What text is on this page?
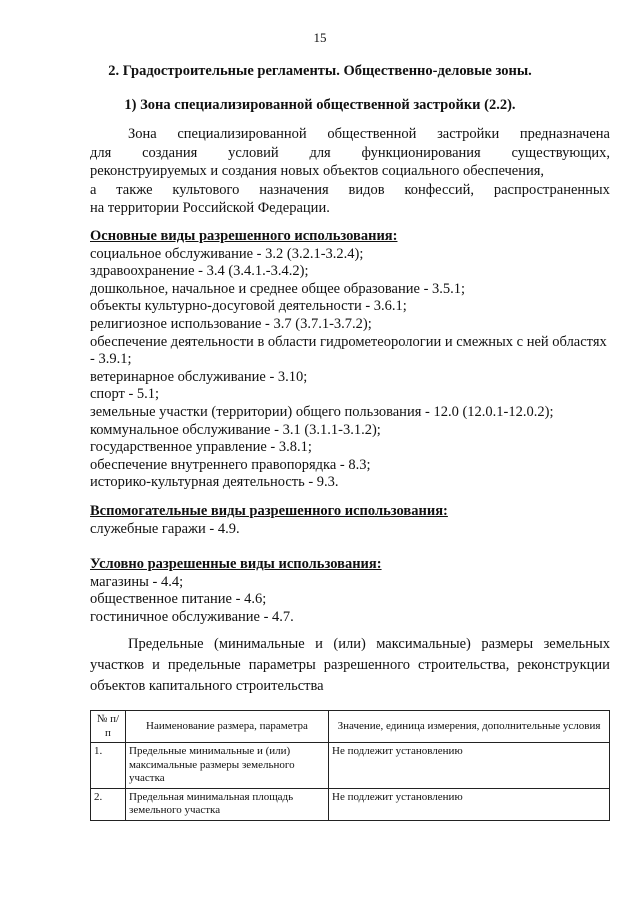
15
2. Градостроительные регламенты. Общественно-деловые зоны.
1) Зона специализированной общественной застройки (2.2).
Зона специализированной общественной застройки предназначена
для создания условий для функционирования существующих,
реконструируемых и создания новых объектов социального обеспечения,
а также культового назначения видов конфессий, распространенных
на территории Российской Федерации.
Основные виды разрешенного использования:
социальное обслуживание - 3.2 (3.2.1-3.2.4);
здравоохранение - 3.4 (3.4.1.-3.4.2);
дошкольное, начальное и среднее общее образование - 3.5.1;
объекты культурно-досуговой деятельности - 3.6.1;
религиозное использование - 3.7 (3.7.1-3.7.2);
обеспечение деятельности в области гидрометеорологии и смежных с ней областях - 3.9.1;
ветеринарное обслуживание - 3.10;
спорт - 5.1;
земельные участки (территории) общего пользования - 12.0 (12.0.1-12.0.2);
коммунальное обслуживание - 3.1 (3.1.1-3.1.2);
государственное управление - 3.8.1;
обеспечение внутреннего правопорядка - 8.3;
историко-культурная деятельность - 9.3.
Вспомогательные виды разрешенного использования:
служебные гаражи - 4.9.
Условно разрешенные виды использования:
магазины - 4.4;
общественное питание - 4.6;
гостиничное обслуживание - 4.7.
Предельные (минимальные и (или) максимальные) размеры земельных
участков и предельные параметры разрешенного строительства, реконструкции
объектов капитального строительства
№ п/п	Наименование размера, параметра	Значение, единица измерения, дополнительные условия
1.	Предельные минимальные и (или) максимальные размеры земельного участка	Не подлежит установлению
2.	Предельная минимальная площадь земельного участка	Не подлежит установлению
